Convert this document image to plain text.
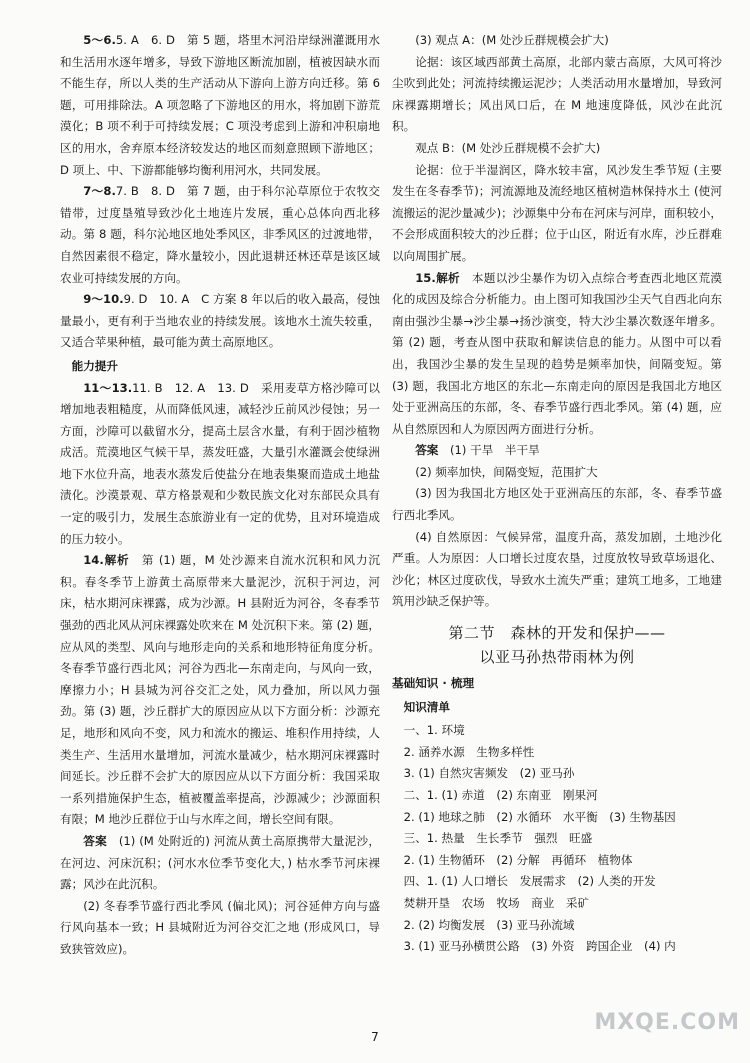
5～6.5. A　6. D　第 5 题，塔里木河沿岸绿洲灌溉用水和生活用水逐年增多，导致下游地区断流加剧，植被因缺水而不能生存，所以人类的生产活动从下游向上游方向迁移。第 6 题，可用排除法。A 项忽略了下游地区的用水，将加剧下游荒漠化；B 项不利于可持续发展；C 项没考虑到上游和冲积扇地区的用水，舍弃原本经济较发达的地区而刻意照顾下游地区；D 项上、中、下游都能够均衡利用河水，共同发展。

7～8.7. B　8. D　第 7 题，由于科尔沁草原位于农牧交错带，过度垦殖导致沙化土地连片发展，重心总体向西北移动。第 8 题，科尔沁地区地处季风区，非季风区的过渡地带，自然因素很不稳定，降水量较小，因此退耕还林还草是该区域农业可持续发展的方向。

9～10.9. D　10. A　C 方案 8 年以后的收入最高，侵蚀量最小，更有利于当地农业的持续发展。该地水土流失较重，又适合苹果种植，最可能为黄土高原地区。

能力提升

11～13.11. B　12. A　13. D　采用麦草方格沙障可以增加地表粗糙度，从而降低风速，减轻沙丘前风沙侵蚀；另一方面，沙障可以截留水分，提高土层含水量，有利于固沙植物成活。荒漠地区气候干旱，蒸发旺盛，大量引水灌溉会使绿洲地下水位升高，地表水蒸发后使盐分在地表集聚而造成土地盐渍化。沙漠景观、草方格景观和少数民族文化对东部民众具有一定的吸引力，发展生态旅游业有一定的优势，且对环境造成的压力较小。

14.解析　 第 (1) 题，M 处沙源来自流水沉积和风力沉积。春冬季节上游黄土高原带来大量泥沙，沉积于河边，河床，枯水期河床裸露，成为沙源。H 县附近为河谷，冬春季节强劲的西北风从河床裸露处吹来在 M 处沉积下来。第 (2) 题，应从风的类型、风向与地形走向的关系和地形特征角度分析。冬春季节盛行西北风；河谷为西北—东南走向，与风向一致，摩擦力小；H 县城为河谷交汇之处，风力叠加，所以风力强劲。第 (3) 题，沙丘群扩大的原因应从以下方面分析：沙源充足，地形和风向不变，风力和流水的搬运、堆积作用持续，人类生产、生活用水量增加，河流水量减少，枯水期河床裸露时间延长。沙丘群不会扩大的原因应从以下方面分析：我国采取一系列措施保护生态，植被覆盖率提高，沙源减少；沙源面积有限；M 地沙丘群位于山与水库之间，增长空间有限。

答案　 (1) (M 处附近的) 河流从黄土高原携带大量泥沙，在河边、河床沉积；(河水水位季节变化大，) 枯水季节河床裸露；风沙在此沉积。

(2) 冬春季节盛行西北季风 (偏北风)；河谷延伸方向与盛行风向基本一致；H 县城附近为河谷交汇之地 (形成风口，导致狭管效应)。

(3) 观点 A：(M 处沙丘群规模会扩大)

论据：该区域西部黄土高原，北部内蒙古高原，大风可将沙尘吹到此处；河流持续搬运泥沙；人类活动用水量增加，导致河床裸露期增长；风出风口后，在 M 地速度降低，风沙在此沉积。

观点 B：(M 处沙丘群规模不会扩大)

论据：位于半湿润区，降水较丰富，风沙发生季节短 (主要发生在冬春季节)；河流源地及流经地区植树造林保持水土 (使河流搬运的泥沙量减少)；沙源集中分布在河床与河岸，面积较小，不会形成面积较大的沙丘群；位于山区，附近有水库，沙丘群难以向周围扩展。

15.解析　 本题以沙尘暴作为切入点综合考查西北地区荒漠化的成因及综合分析能力。由上图可知我国沙尘天气自西北向东南由强沙尘暴→沙尘暴→扬沙演变，特大沙尘暴次数逐年增多。第 (2) 题，考查从图中获取和解读信息的能力。从图中可以看出，我国沙尘暴的发生呈现的趋势是频率加快，间隔变短。第 (3) 题，我国北方地区的东北—东南走向的原因是我国北方地区处于亚洲高压的东部，冬、春季节盛行西北季风。第 (4) 题，应从自然原因和人为原因两方面进行分析。

答案　 (1) 干旱　半干旱

(2) 频率加快，间隔变短，范围扩大

(3) 因为我国北方地区处于亚洲高压的东部，冬、春季节盛行西北季风。

(4) 自然原因：气候异常，温度升高，蒸发加剧，土地沙化严重。人为原因：人口增长过度农垦，过度放牧导致草场退化、沙化；林区过度砍伐，导致水土流失严重；建筑工地多，工地建筑用沙缺乏保护等。

第二节　森林的开发和保护——
以亚马孙热带雨林为例
基础知识 · 梳理
知识清单
一、1. 环境
2. 涵养水源　生物多样性
3. (1) 自然灾害频发　(2) 亚马孙
二、1. (1) 赤道　(2) 东南亚　刚果河
2. (1) 地球之肺　(2) 水循环　水平衡　(3) 生物基因
三、1. 热量　生长季节　强烈　旺盛
2. (1) 生物循环　(2) 分解　再循环　植物体
四、1. (1) 人口增长　发展需求　(2) 人类的开发
焚耕开垦　农场　牧场　商业　采矿
2. (2) 均衡发展　(3) 亚马孙流域
3. (1) 亚马孙横贯公路　(3) 外资　跨国企业　(4) 内
7
MXQE.COM
